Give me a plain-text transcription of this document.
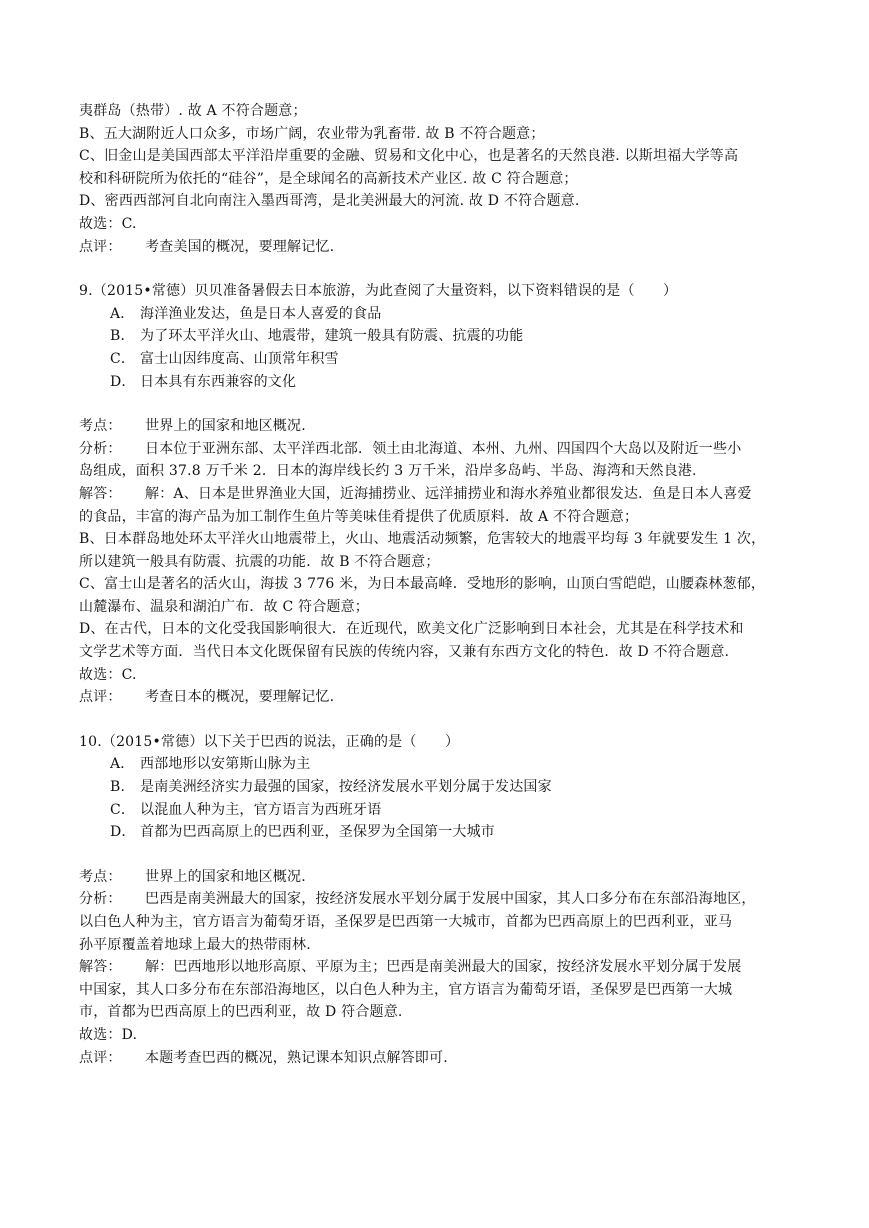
夷群岛（热带）. 故 A 不符合题意；
B、五大湖附近人口众多，市场广阔，农业带为乳畜带. 故 B 不符合题意；
C、旧金山是美国西部太平洋沿岸重要的金融、贸易和文化中心，也是著名的天然良港. 以斯坦福大学等高
校和科研院所为依托的“硅谷”，是全球闻名的高新技术产业区. 故 C 符合题意；
D、密西西部河自北向南注入墨西哥湾，是北美洲最大的河流. 故 D 不符合题意.
故选：C.
点评： 考查美国的概况，要理解记忆.
9.（2015•常德）贝贝准备暑假去日本旅游，为此查阅了大量资料，以下资料错误的是（　　）
A． 海洋渔业发达，鱼是日本人喜爱的食品
B． 为了环太平洋火山、地震带，建筑一般具有防震、抗震的功能
C． 富士山因纬度高、山顶常年积雪
D． 日本具有东西兼容的文化
考点： 世界上的国家和地区概况.
分析： 日本位于亚洲东部、太平洋西北部．领土由北海道、本州、九州、四国四个大岛以及附近一些小
岛组成，面积 37.8 万千米 2．日本的海岸线长约 3 万千米，沿岸多岛屿、半岛、海湾和天然良港.
解答： 解：A、日本是世界渔业大国，近海捕捞业、远洋捕捞业和海水养殖业都很发达．鱼是日本人喜爱
的食品，丰富的海产品为加工制作生鱼片等美味佳肴提供了优质原料．故 A 不符合题意；
B、日本群岛地处环太平洋火山地震带上，火山、地震活动频繁，危害较大的地震平均每 3 年就要发生 1 次，
所以建筑一般具有防震、抗震的功能．故 B 不符合题意；
C、富士山是著名的活火山，海拔 3 776 米，为日本最高峰．受地形的影响，山顶白雪皑皑，山腰森林葱郁，
山麓瀑布、温泉和湖泊广布．故 C 符合题意；
D、在古代，日本的文化受我国影响很大．在近现代，欧美文化广泛影响到日本社会，尤其是在科学技术和
文学艺术等方面．当代日本文化既保留有民族的传统内容，又兼有东西方文化的特色．故 D 不符合题意.
故选：C.
点评： 考查日本的概况，要理解记忆.
10.（2015•常德）以下关于巴西的说法，正确的是（　　）
A． 西部地形以安第斯山脉为主
B． 是南美洲经济实力最强的国家，按经济发展水平划分属于发达国家
C． 以混血人种为主，官方语言为西班牙语
D． 首都为巴西高原上的巴西利亚，圣保罗为全国第一大城市
考点： 世界上的国家和地区概况.
分析： 巴西是南美洲最大的国家，按经济发展水平划分属于发展中国家，其人口多分布在东部沿海地区，
以白色人种为主，官方语言为葡萄牙语，圣保罗是巴西第一大城市，首都为巴西高原上的巴西利亚，亚马
孙平原覆盖着地球上最大的热带雨林.
解答： 解：巴西地形以地形高原、平原为主；巴西是南美洲最大的国家，按经济发展水平划分属于发展
中国家，其人口多分布在东部沿海地区，以白色人种为主，官方语言为葡萄牙语，圣保罗是巴西第一大城
市，首都为巴西高原上的巴西利亚，故 D 符合题意.
故选：D.
点评： 本题考查巴西的概况，熟记课本知识点解答即可.
